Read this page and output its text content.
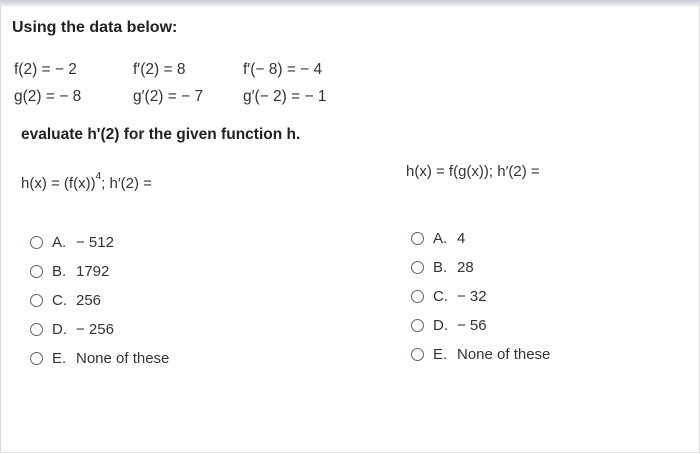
Using the data below:
f(2) = − 2
g(2) = − 8
f′(2) = 8
g′(2) = − 7
f′(− 8) = − 4
g′(− 2) = − 1
evaluate h'(2) for the given function h.
$h(x) = (f(x))^4$; h′(2) =
h(x) = f(g(x)); h′(2) =
A. − 512
B. 1792
C. 256
D. − 256
E. None of these
A. 4
B. 28
C. − 32
D. − 56
E. None of these
